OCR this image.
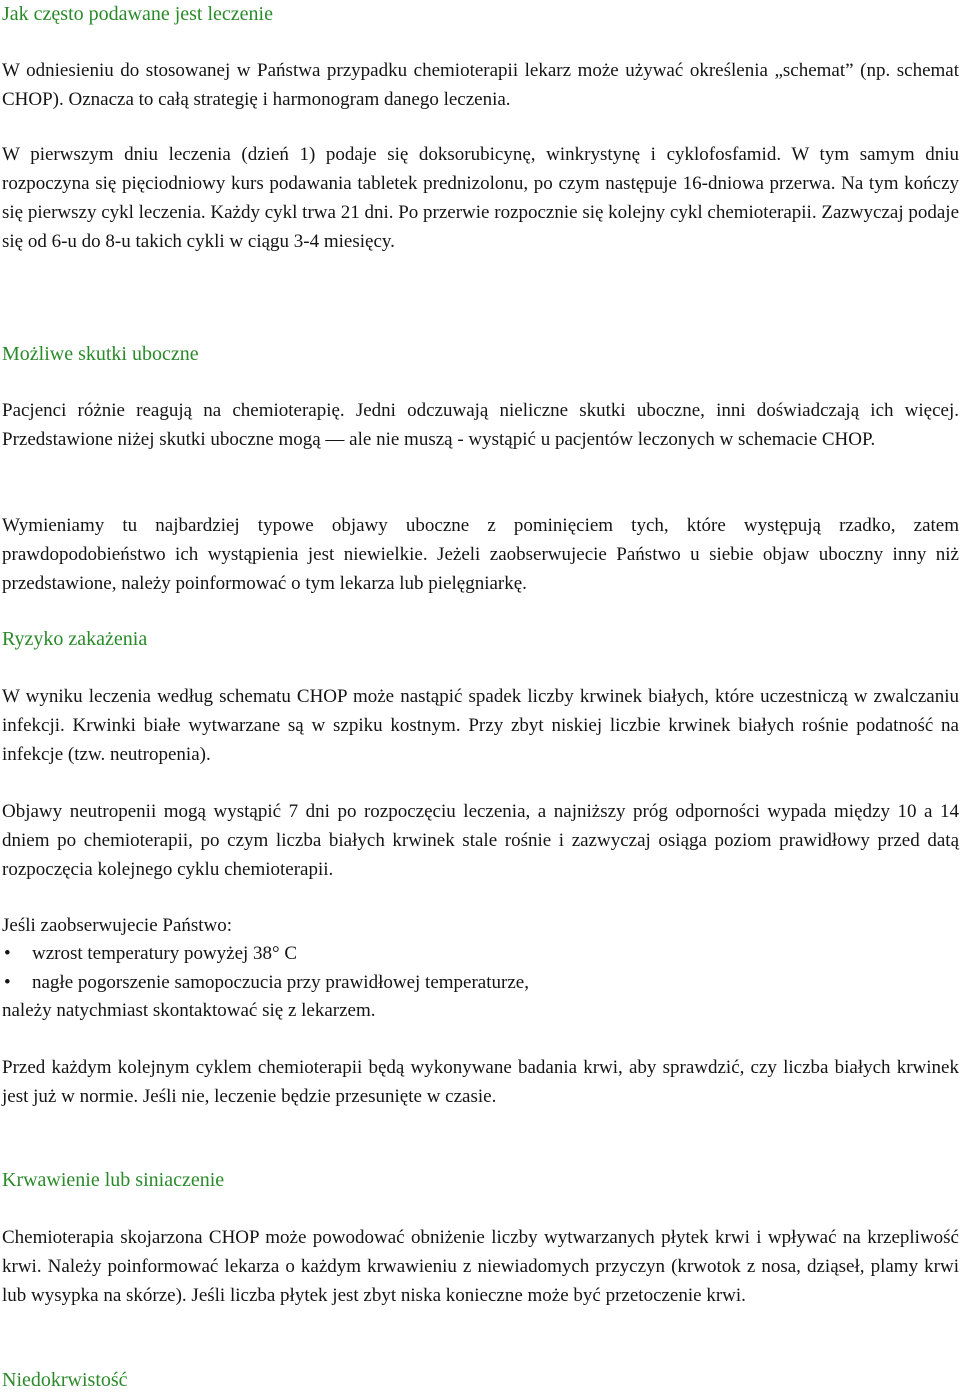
Jak często podawane jest leczenie

W odniesieniu do stosowanej w Państwa przypadku chemioterapii lekarz może używać określenia „schemat” (np. schemat CHOP). Oznacza to całą strategię i harmonogram danego leczenia.

W pierwszym dniu leczenia (dzień 1) podaje się doksorubicynę, winkrystynę i cyklofosfamid. W tym samym dniu rozpoczyna się pięciodniowy kurs podawania tabletek prednizolonu, po czym następuje 16-dniowa przerwa. Na tym kończy się pierwszy cykl leczenia. Każdy cykl trwa 21 dni. Po przerwie rozpocznie się kolejny cykl chemioterapii. Zazwyczaj podaje się od 6-u do 8-u takich cykli w ciągu 3-4 miesięcy.

Możliwe skutki uboczne

Pacjenci różnie reagują na chemioterapię. Jedni odczuwają nieliczne skutki uboczne, inni doświadczają ich więcej. Przedstawione niżej skutki uboczne mogą — ale nie muszą - wystąpić u pacjentów leczonych w schemacie CHOP.

Wymieniamy tu najbardziej typowe objawy uboczne z pominięciem tych, które występują rzadko, zatem prawdopodobieństwo ich wystąpienia jest niewielkie. Jeżeli zaobserwujecie Państwo u siebie objaw uboczny inny niż przedstawione, należy poinformować o tym lekarza lub pielęgniarkę.

Ryzyko zakażenia

W wyniku leczenia według schematu CHOP może nastąpić spadek liczby krwinek białych, które uczestniczą w zwalczaniu infekcji. Krwinki białe wytwarzane są w szpiku kostnym. Przy zbyt niskiej liczbie krwinek białych rośnie podatność na infekcje (tzw. neutropenia).

Objawy neutropenii mogą wystąpić 7 dni po rozpoczęciu leczenia, a najniższy próg odporności wypada między 10 a 14 dniem po chemioterapii, po czym liczba białych krwinek stale rośnie i zazwyczaj osiąga poziom prawidłowy przed datą rozpoczęcia kolejnego cyklu chemioterapii.

Jeśli zaobserwujecie Państwo:

• wzrost temperatury powyżej 38° C
• nagłe pogorszenie samopoczucia przy prawidłowej temperaturze,

należy natychmiast skontaktować się z lekarzem.

Przed każdym kolejnym cyklem chemioterapii będą wykonywane badania krwi, aby sprawdzić, czy liczba białych krwinek jest już w normie. Jeśli nie, leczenie będzie przesunięte w czasie.

Krwawienie lub siniaczenie

Chemioterapia skojarzona CHOP może powodować obniżenie liczby wytwarzanych płytek krwi i wpływać na krzepliwość krwi. Należy poinformować lekarza o każdym krwawieniu z niewiadomych przyczyn (krwotok z nosa, dziąseł, plamy krwi lub wysypka na skórze). Jeśli liczba płytek jest zbyt niska konieczne może być przetoczenie krwi.

Niedokrwistość
